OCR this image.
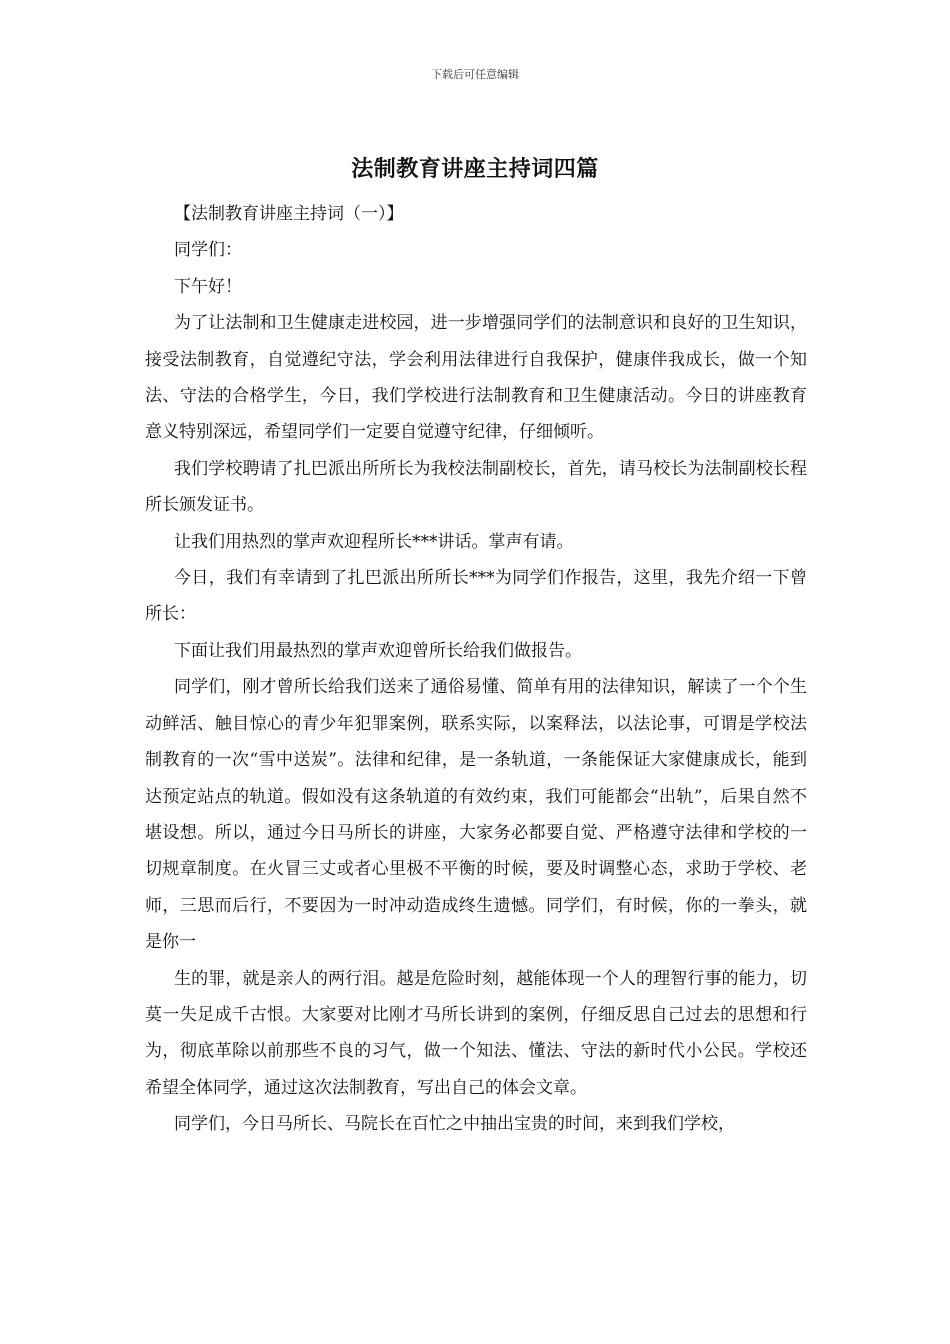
下载后可任意编辑
法制教育讲座主持词四篇

【法制教育讲座主持词（一）】

同学们：

下午好！

为了让法制和卫生健康走进校园，进一步增强同学们的法制意识和良好的卫生知识，接受法制教育，自觉遵纪守法，学会利用法律进行自我保护，健康伴我成长，做一个知法、守法的合格学生，今日，我们学校进行法制教育和卫生健康活动。今日的讲座教育意义特别深远，希望同学们一定要自觉遵守纪律，仔细倾听。

我们学校聘请了扎巴派出所所长为我校法制副校长，首先，请马校长为法制副校长程所长颁发证书。

让我们用热烈的掌声欢迎程所长***讲话。掌声有请。

今日，我们有幸请到了扎巴派出所所长***为同学们作报告，这里，我先介绍一下曾所长：

下面让我们用最热烈的掌声欢迎曾所长给我们做报告。

同学们，刚才曾所长给我们送来了通俗易懂、简单有用的法律知识，解读了一个个生动鲜活、触目惊心的青少年犯罪案例，联系实际，以案释法，以法论事，可谓是学校法制教育的一次“雪中送炭”。法律和纪律，是一条轨道，一条能保证大家健康成长，能到达预定站点的轨道。假如没有这条轨道的有效约束，我们可能都会“出轨”，后果自然不堪设想。所以，通过今日马所长的讲座，大家务必都要自觉、严格遵守法律和学校的一切规章制度。在火冒三丈或者心里极不平衡的时候，要及时调整心态，求助于学校、老师，三思而后行，不要因为一时冲动造成终生遗憾。同学们，有时候，你的一拳头，就是你一

生的罪，就是亲人的两行泪。越是危险时刻，越能体现一个人的理智行事的能力，切莫一失足成千古恨。大家要对比刚才马所长讲到的案例，仔细反思自己过去的思想和行为，彻底革除以前那些不良的习气，做一个知法、懂法、守法的新时代小公民。学校还希望全体同学，通过这次法制教育，写出自己的体会文章。

同学们，今日马所长、马院长在百忙之中抽出宝贵的时间，来到我们学校，
